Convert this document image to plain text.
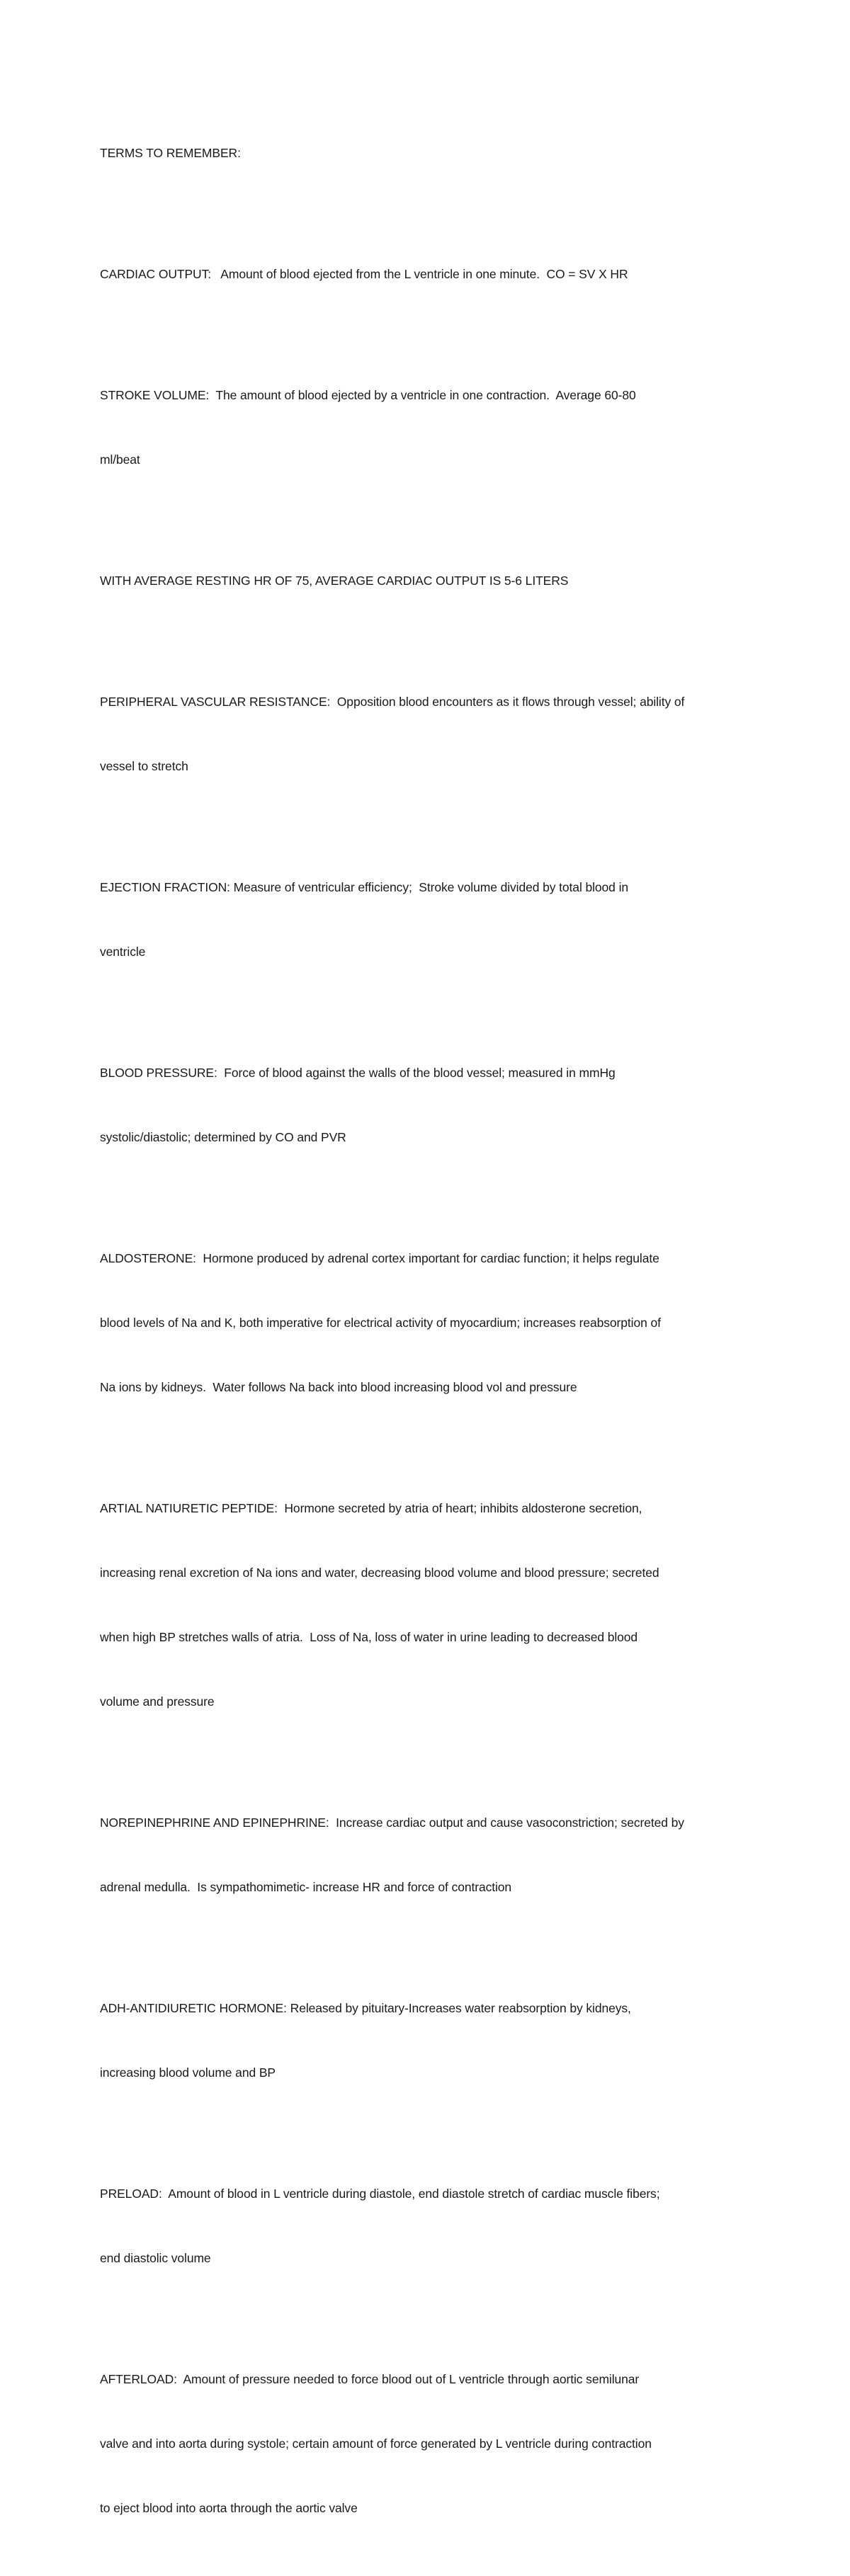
TERMS TO REMEMBER:

CARDIAC OUTPUT:   Amount of blood ejected from the L ventricle in one minute.  CO = SV X HR

STROKE VOLUME:  The amount of blood ejected by a ventricle in one contraction.  Average 60-80

ml/beat

WITH AVERAGE RESTING HR OF 75, AVERAGE CARDIAC OUTPUT IS 5-6 LITERS

PERIPHERAL VASCULAR RESISTANCE:  Opposition blood encounters as it flows through vessel; ability of

vessel to stretch

EJECTION FRACTION: Measure of ventricular efficiency;  Stroke volume divided by total blood in

ventricle

BLOOD PRESSURE:  Force of blood against the walls of the blood vessel; measured in mmHg

systolic/diastolic; determined by CO and PVR

ALDOSTERONE:  Hormone produced by adrenal cortex important for cardiac function; it helps regulate

blood levels of Na and K, both imperative for electrical activity of myocardium; increases reabsorption of

Na ions by kidneys.  Water follows Na back into blood increasing blood vol and pressure

ARTIAL NATIURETIC PEPTIDE:  Hormone secreted by atria of heart; inhibits aldosterone secretion,

increasing renal excretion of Na ions and water, decreasing blood volume and blood pressure; secreted

when high BP stretches walls of atria.  Loss of Na, loss of water in urine leading to decreased blood

volume and pressure

NOREPINEPHRINE AND EPINEPHRINE:  Increase cardiac output and cause vasoconstriction; secreted by

adrenal medulla.  Is sympathomimetic- increase HR and force of contraction

ADH-ANTIDIURETIC HORMONE: Released by pituitary-Increases water reabsorption by kidneys,

increasing blood volume and BP

PRELOAD:  Amount of blood in L ventricle during diastole, end diastole stretch of cardiac muscle fibers;

end diastolic volume

AFTERLOAD:  Amount of pressure needed to force blood out of L ventricle through aortic semilunar

valve and into aorta during systole; certain amount of force generated by L ventricle during contraction

to eject blood into aorta through the aortic valve
